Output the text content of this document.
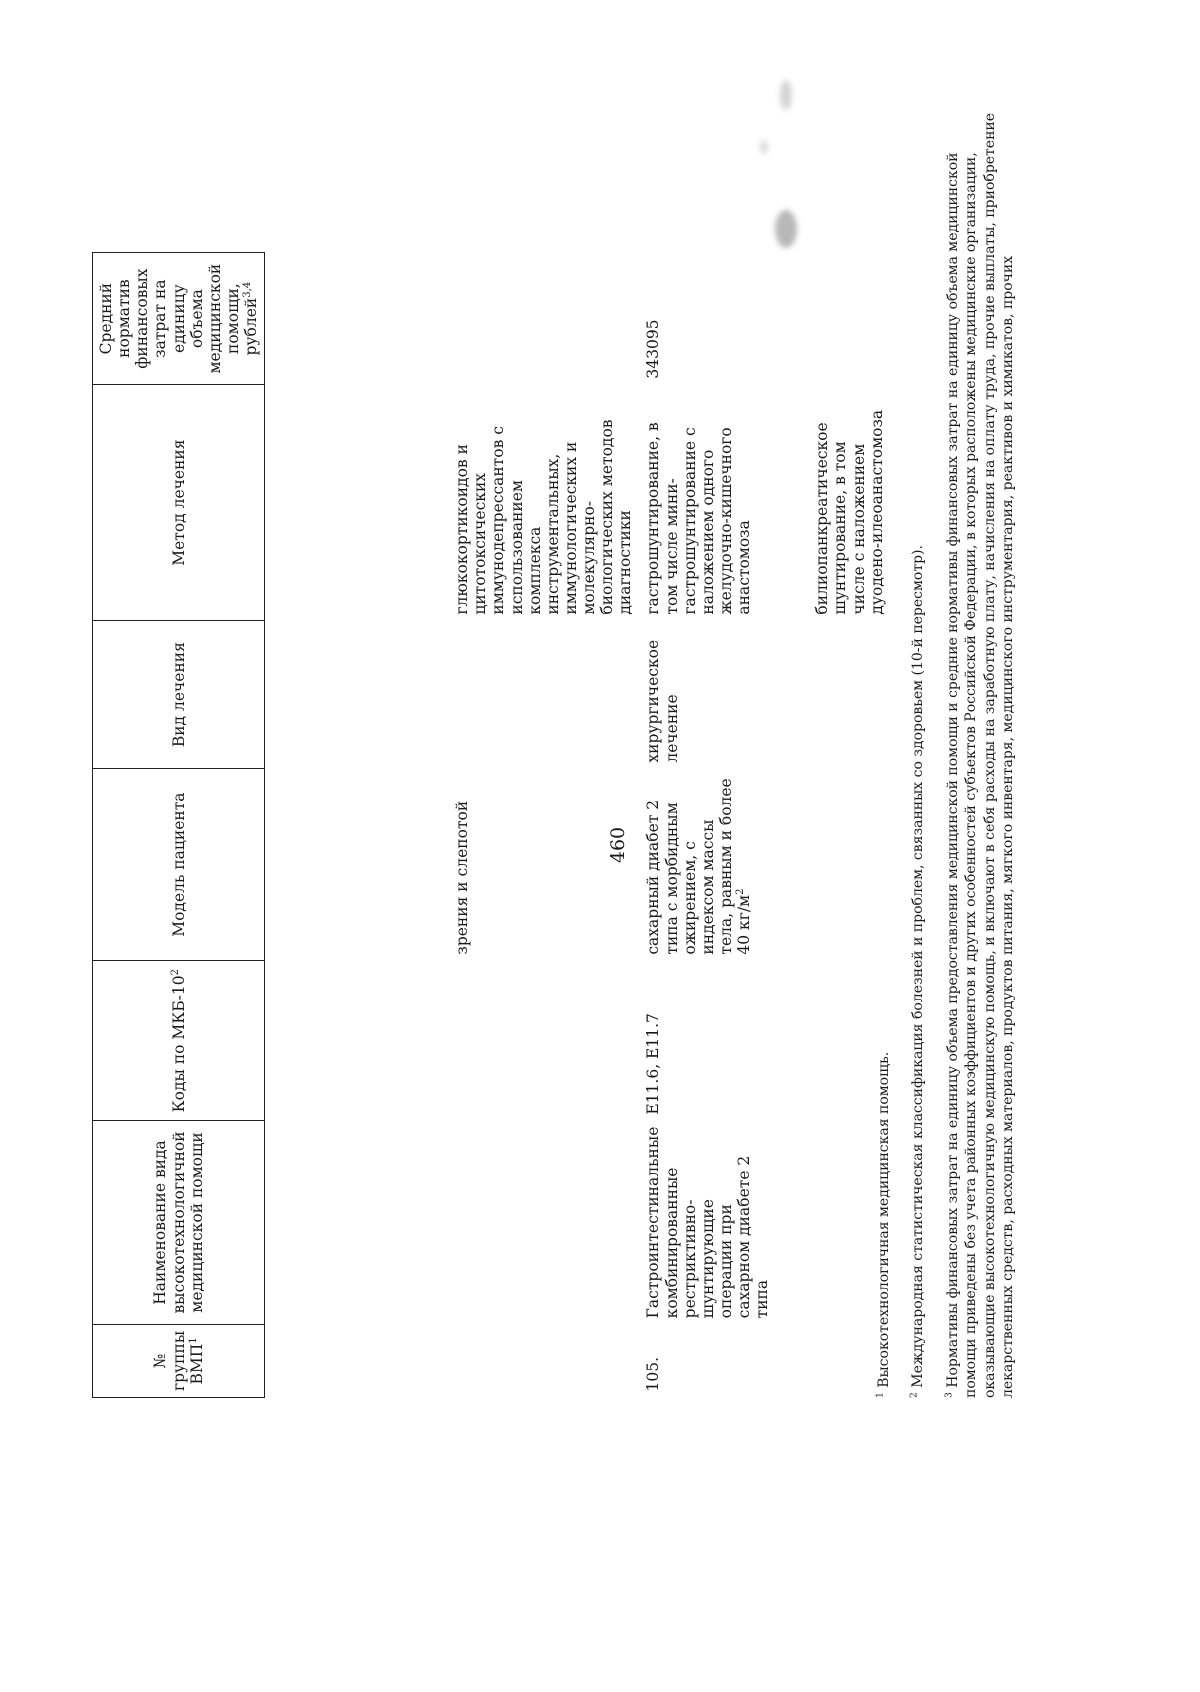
460
№ группы ВМП$^1$	Наименование вида высокотехнологичной медицинской помощи	Коды по МКБ-$10^2$	Модель пациента	Вид лечения	Метод лечения	Средний норматив финансовых затрат на единицу объема медицинской помощи, рублей$^{3,4}$
			зрения и слепотой		глюкокортикоидов и цитотоксических иммунодепрессантов с использованием комплекса инструментальных, иммунологических и молекулярно-биологических методов диагностики	
105.	Гастроинтестинальные комбинированные рестриктивно-шунтирующие операции при сахарном диабете 2 типа	E11.6, E11.7	сахарный диабет 2 типа с морбидным ожирением, с индексом массы тела, равным и более 40 $кг/м^2$	хирургическое лечение	гастрошунтирование, в том числе мини-гастрошунтирование с наложением одного желудочно-кишечного анастомоза	343095
					билиопанкреатическое шунтирование, в том числе с наложением дуодено-илеоанастомоза	

$^1$ Высокотехнологичная медицинская помощь.

$^2$ Международная статистическая классификация болезней и проблем, связанных со здоровьем (10-й пересмотр).

$^3$ Нормативы финансовых затрат на единицу объема предоставления медицинской помощи и средние нормативы финансовых затрат на единицу объема медицинской помощи приведены без учета районных коэффициентов и других особенностей субъектов Российской Федерации, в которых расположены медицинские организации, оказывающие высокотехнологичную медицинскую помощь, и включают в себя расходы на заработную плату, начисления на оплату труда, прочие выплаты, приобретение лекарственных средств, расходных материалов, продуктов питания, мягкого инвентаря, медицинского инструментария, реактивов и химикатов, прочих
